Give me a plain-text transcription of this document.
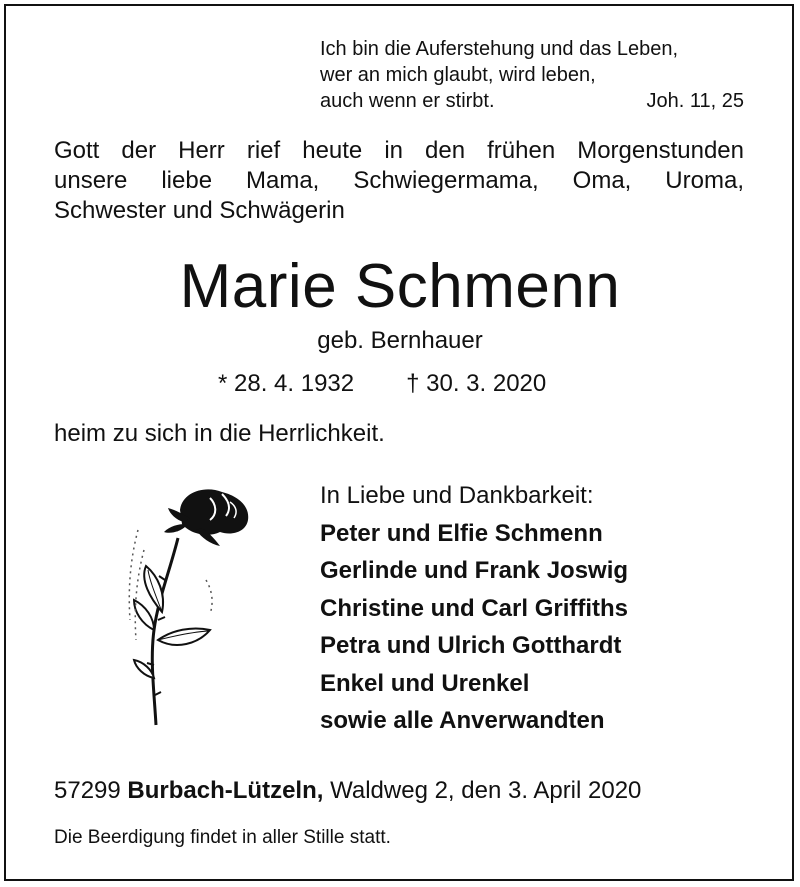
Ich bin die Auferstehung und das Leben,
wer an mich glaubt, wird leben,
auch wenn er stirbt.	Joh. 11, 25
Gott der Herr rief heute in den frühen Morgenstunden
unsere liebe Mama, Schwiegermama, Oma, Uroma,
Schwester und Schwägerin
Marie Schmenn
geb. Bernhauer
* 28. 4. 1932 † 30. 3. 2020
heim zu sich in die Herrlichkeit.
In Liebe und Dankbarkeit:
Peter und Elfie Schmenn
Gerlinde und Frank Joswig
Christine und Carl Griffiths
Petra und Ulrich Gotthardt
Enkel und Urenkel
sowie alle Anverwandten
57299 Burbach-Lützeln, Waldweg 2, den 3. April 2020
Die Beerdigung findet in aller Stille statt.
